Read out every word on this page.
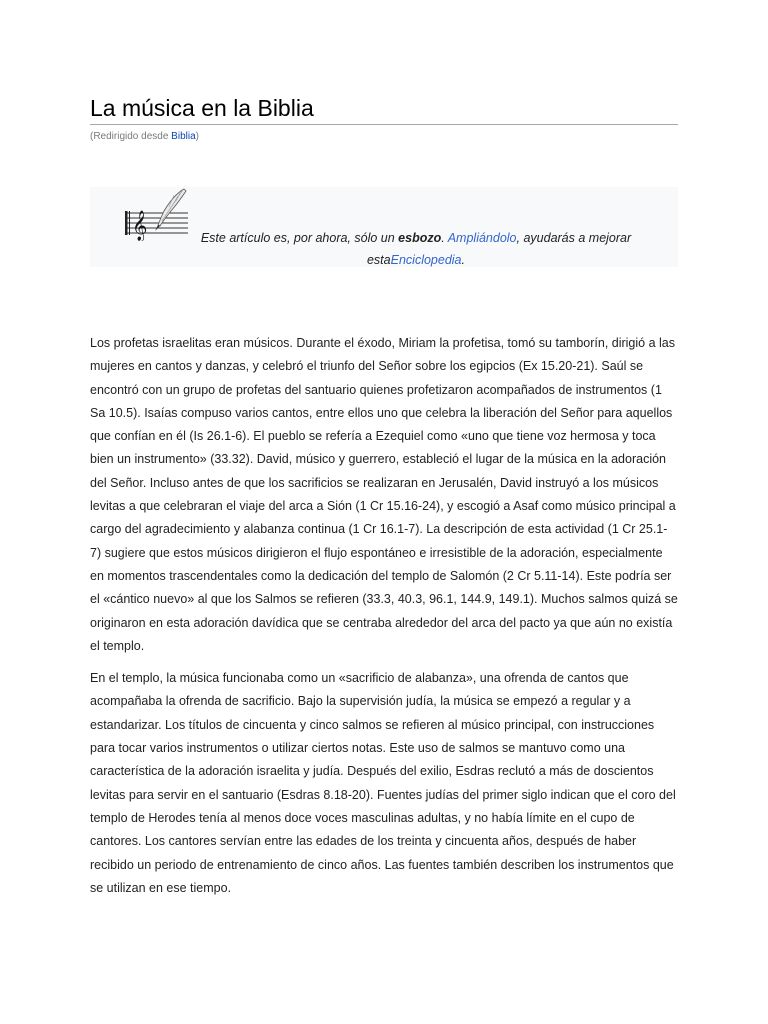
La música en la Biblia
(Redirigido desde Biblia)
𝄞	Este artículo es, por ahora, sólo un esbozo. Ampliándolo, ayudarás a mejorar estaEnciclopedia.

Los profetas israelitas eran músicos. Durante el éxodo, Miriam la profetisa, tomó su tamborín, dirigió a las mujeres en cantos y danzas, y celebró el triunfo del Señor sobre los egipcios (Ex 15.20-21). Saúl se encontró con un grupo de profetas del santuario quienes profetizaron acompañados de instrumentos (1 Sa 10.5). Isaías compuso varios cantos, entre ellos uno que celebra la liberación del Señor para aquellos que confían en él (Is 26.1-6). El pueblo se refería a Ezequiel como «uno que tiene voz hermosa y toca bien un instrumento» (33.32). David, músico y guerrero, estableció el lugar de la música en la adoración del Señor. Incluso antes de que los sacrificios se realizaran en Jerusalén, David instruyó a los músicos levitas a que celebraran el viaje del arca a Sión (1 Cr 15.16-24), y escogió a Asaf como músico principal a cargo del agradecimiento y alabanza continua (1 Cr 16.1-7). La descripción de esta actividad (1 Cr 25.1-7) sugiere que estos músicos dirigieron el flujo espontáneo e irresistible de la adoración, especialmente en momentos trascendentales como la dedicación del templo de Salomón (2 Cr 5.11-14). Este podría ser el «cántico nuevo» al que los Salmos se refieren (33.3, 40.3, 96.1, 144.9, 149.1). Muchos salmos quizá se originaron en esta adoración davídica que se centraba alrededor del arca del pacto ya que aún no existía el templo.

En el templo, la música funcionaba como un «sacrificio de alabanza», una ofrenda de cantos que acompañaba la ofrenda de sacrificio. Bajo la supervisión judía, la música se empezó a regular y a estandarizar. Los títulos de cincuenta y cinco salmos se refieren al músico principal, con instrucciones para tocar varios instrumentos o utilizar ciertos notas. Este uso de salmos se mantuvo como una característica de la adoración israelita y judía. Después del exilio, Esdras reclutó a más de doscientos levitas para servir en el santuario (Esdras 8.18-20). Fuentes judías del primer siglo indican que el coro del templo de Herodes tenía al menos doce voces masculinas adultas, y no había límite en el cupo de cantores. Los cantores servían entre las edades de los treinta y cincuenta años, después de haber recibido un periodo de entrenamiento de cinco años. Las fuentes también describen los instrumentos que se utilizan en ese tiempo.
